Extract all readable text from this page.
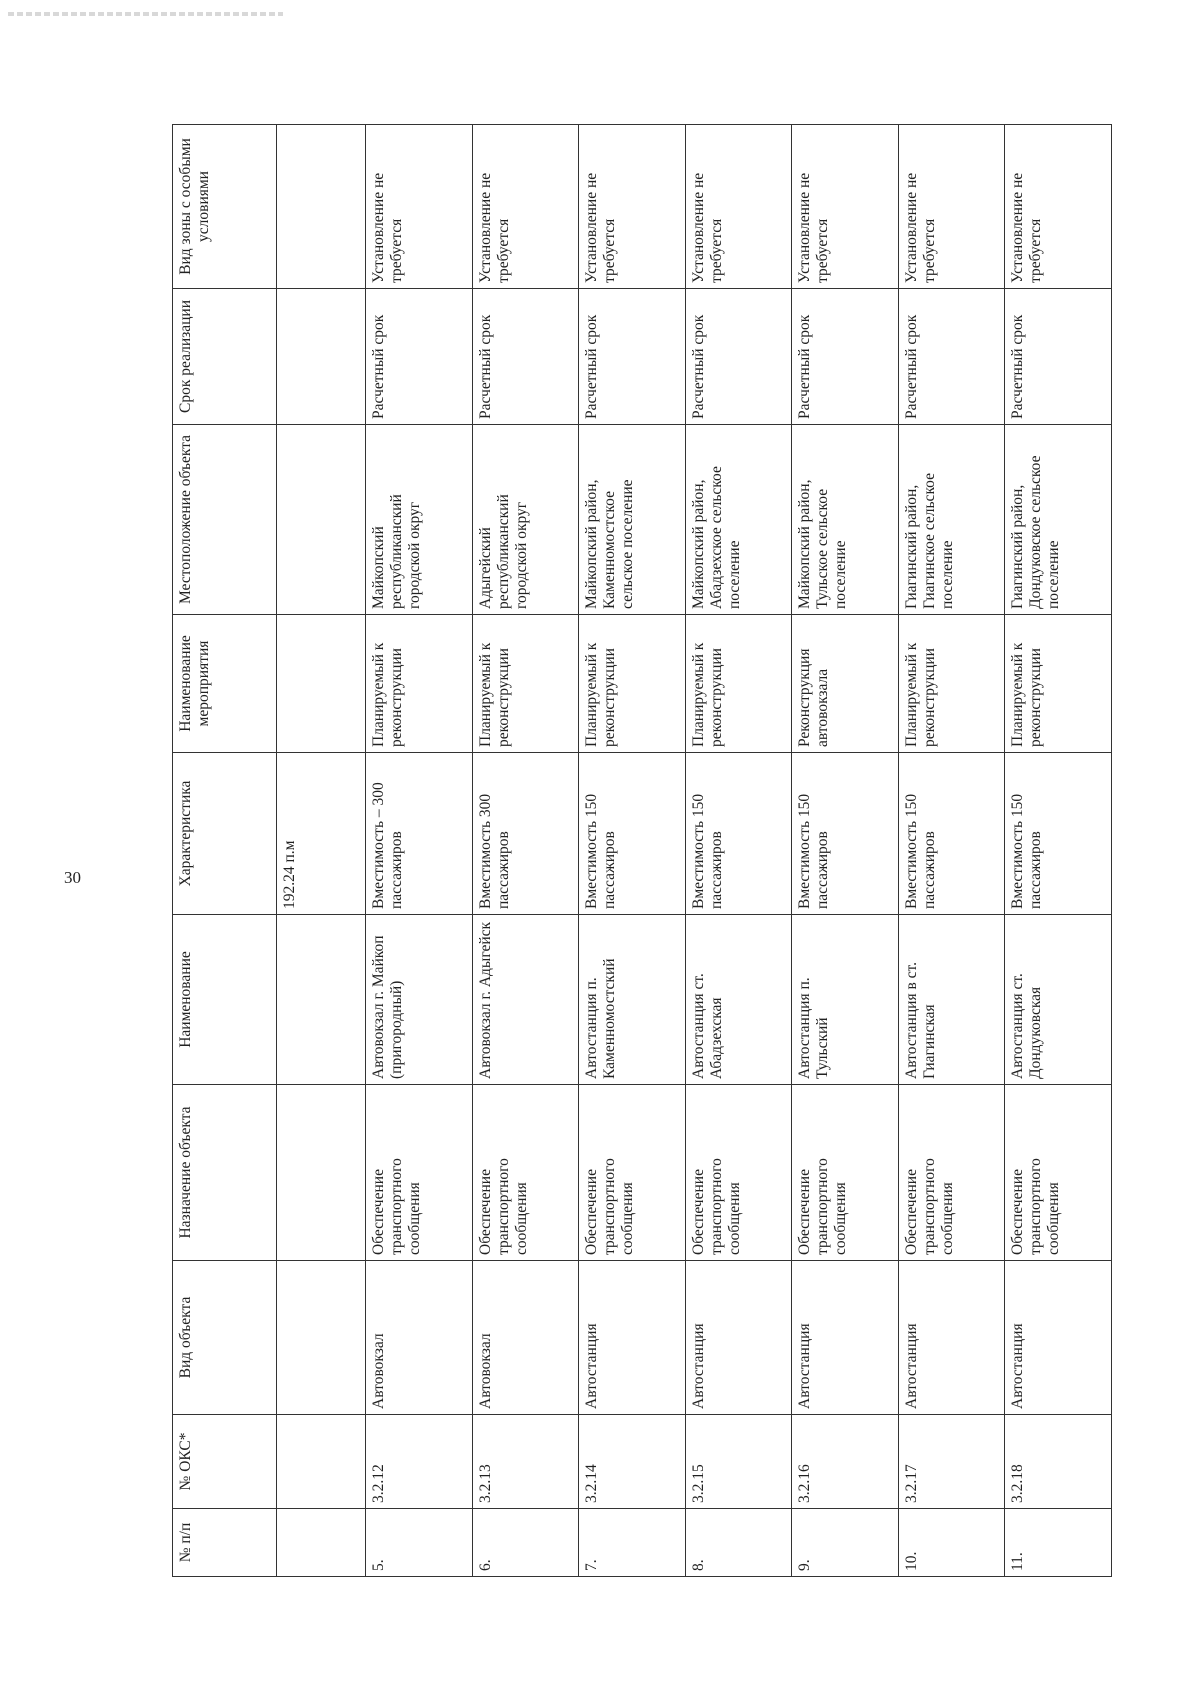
30
№ п/п	№ ОКС*	Вид объекта	Назначение объекта	Наименование	Характеристика	Наименование мероприятия	Местоположение объекта	Срок реализации	Вид зоны с особыми условиями
					192.24 п.м				
5.	3.2.12	Автовокзал	Обеспечение транспортного сообщения	Автовокзал г. Майкоп (пригородный)	Вместимость – 300 пассажиров	Планируемый к реконструкции	Майкопский республиканский городской округ	Расчетный срок	Установление не требуется
6.	3.2.13	Автовокзал	Обеспечение транспортного сообщения	Автовокзал г. Адыгейск	Вместимость 300 пассажиров	Планируемый к реконструкции	Адыгейский республиканский городской округ	Расчетный срок	Установление не требуется
7.	3.2.14	Автостанция	Обеспечение транспортного сообщения	Автостанция п. Каменномостский	Вместимость 150 пассажиров	Планируемый к реконструкции	Майкопский район, Каменномостское сельское поселение	Расчетный срок	Установление не требуется
8.	3.2.15	Автостанция	Обеспечение транспортного сообщения	Автостанция ст. Абадзехская	Вместимость 150 пассажиров	Планируемый к реконструкции	Майкопский район, Абадзехское сельское поселение	Расчетный срок	Установление не требуется
9.	3.2.16	Автостанция	Обеспечение транспортного сообщения	Автостанция п. Тульский	Вместимость 150 пассажиров	Реконструкция автовокзала	Майкопский район, Тульское сельское поселение	Расчетный срок	Установление не требуется
10.	3.2.17	Автостанция	Обеспечение транспортного сообщения	Автостанция в ст. Гиагинская	Вместимость 150 пассажиров	Планируемый к реконструкции	Гиагинский район, Гиагинское сельское поселение	Расчетный срок	Установление не требуется
11.	3.2.18	Автостанция	Обеспечение транспортного сообщения	Автостанция ст. Дондуковская	Вместимость 150 пассажиров	Планируемый к реконструкции	Гиагинский район, Дондуковское сельское поселение	Расчетный срок	Установление не требуется
